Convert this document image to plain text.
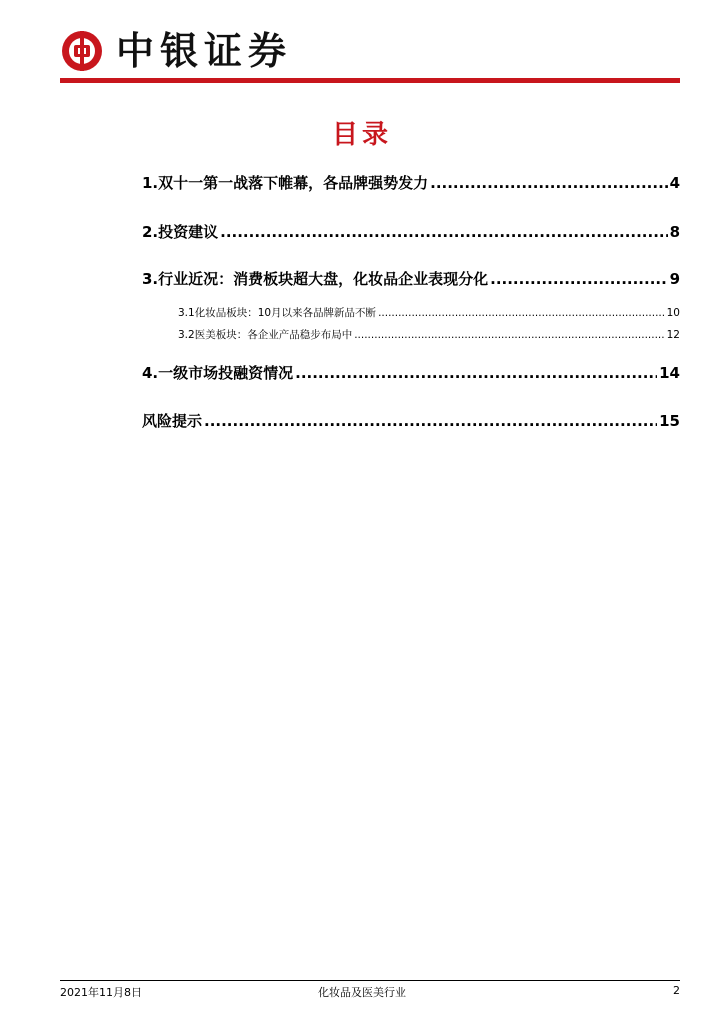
中银证券
目录
1.双十一第一战落下帷幕，各品牌强势发力 .....	4
2.投资建议 .....	8
3.行业近况：消费板块超大盘，化妆品企业表现分化 .....	9
3.1化妆品板块：10月以来各品牌新品不断 .....	10
3.2医美板块：各企业产品稳步布局中 .....	12
4.一级市场投融资情况 .....	14
风险提示 .....	15
2021年11月8日	化妆品及医美行业	2
